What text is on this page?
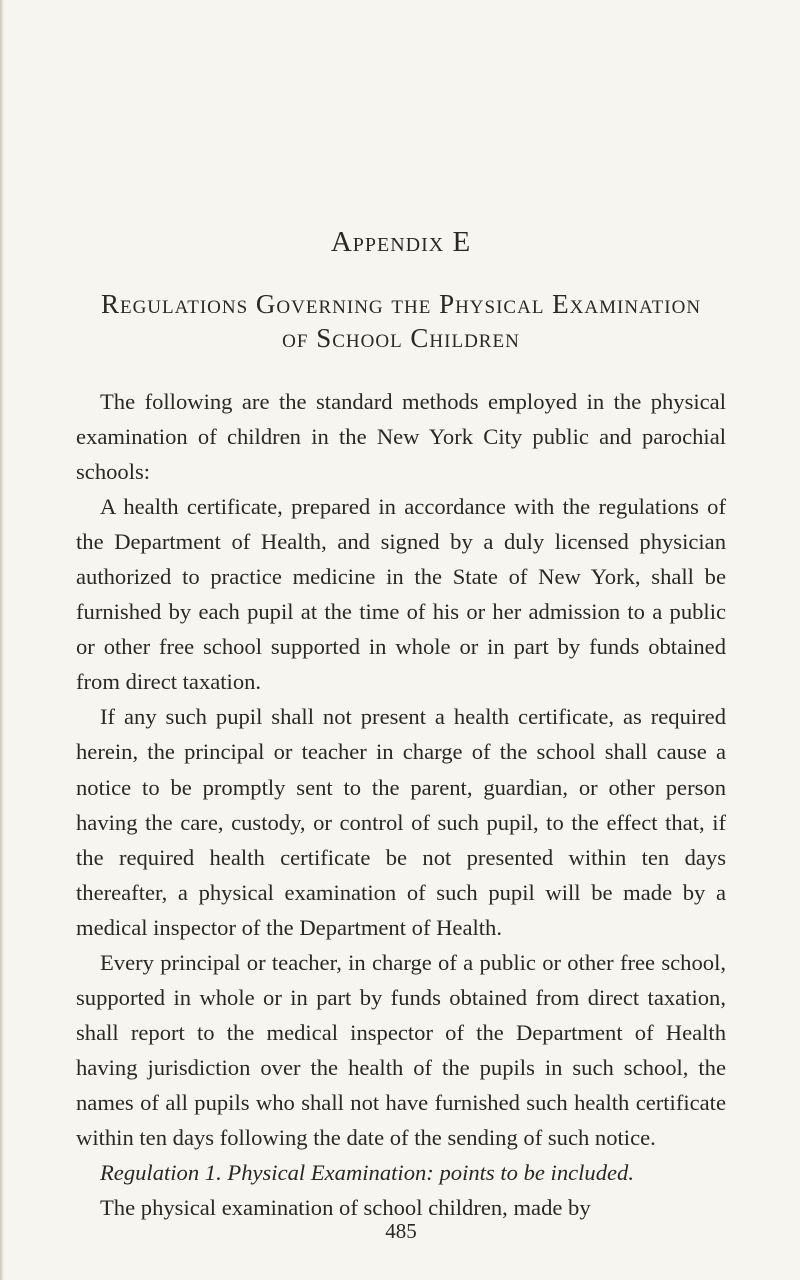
Appendix E
Regulations Governing the Physical Examination
of School Children

The following are the standard methods employed in the physical examination of children in the New York City public and parochial schools:

A health certificate, prepared in accordance with the regulations of the Department of Health, and signed by a duly licensed physician authorized to practice medicine in the State of New York, shall be furnished by each pupil at the time of his or her admission to a public or other free school supported in whole or in part by funds obtained from direct taxation.

If any such pupil shall not present a health certificate, as required herein, the principal or teacher in charge of the school shall cause a notice to be promptly sent to the parent, guardian, or other person having the care, custody, or control of such pupil, to the effect that, if the required health certificate be not presented within ten days thereafter, a physical examination of such pupil will be made by a medical inspector of the Department of Health.

Every principal or teacher, in charge of a public or other free school, supported in whole or in part by funds obtained from direct taxation, shall report to the medical inspector of the Department of Health having jurisdiction over the health of the pupils in such school, the names of all pupils who shall not have furnished such health certificate within ten days following the date of the sending of such notice.

Regulation 1. Physical Examination: points to be included.

The physical examination of school children, made by

485
